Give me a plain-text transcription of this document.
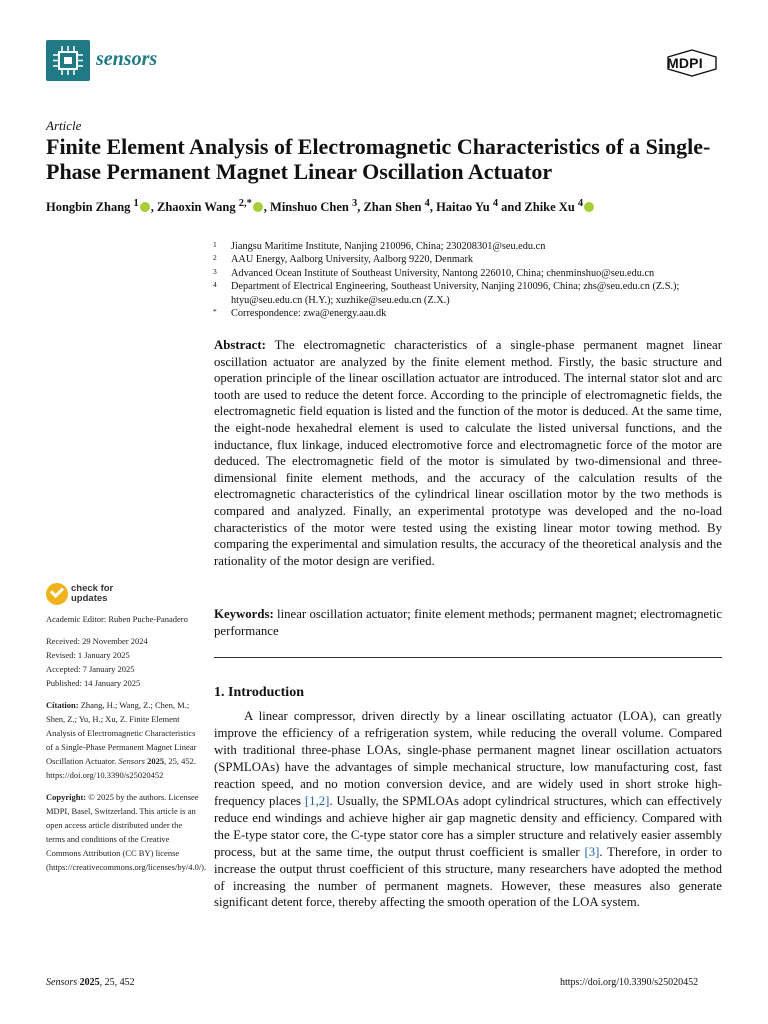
sensors	MDPI
Article
Finite Element Analysis of Electromagnetic Characteristics of a Single-Phase Permanent Magnet Linear Oscillation Actuator
Hongbin Zhang $^1$ , Zhaoxin Wang $^{2,*}$ , Minshuo Chen $^3$, Zhan Shen $^4$, Haitao Yu $^4$ and Zhike Xu $^4$
1 Jiangsu Maritime Institute, Nanjing 210096, China; 230208301@seu.edu.cn
2 AAU Energy, Aalborg University, Aalborg 9220, Denmark
3 Advanced Ocean Institute of Southeast University, Nantong 226010, China; chenminshuo@seu.edu.cn
4 Department of Electrical Engineering, Southeast University, Nanjing 210096, China; zhs@seu.edu.cn (Z.S.); htyu@seu.edu.cn (H.Y.); xuzhike@seu.edu.cn (Z.X.)
* Correspondence: zwa@energy.aau.dk
Abstract: The electromagnetic characteristics of a single-phase permanent magnet linear oscillation actuator are analyzed by the finite element method. Firstly, the basic structure and operation principle of the linear oscillation actuator are introduced. The internal stator slot and arc tooth are used to reduce the detent force. According to the principle of electromagnetic fields, the electromagnetic field equation is listed and the function of the motor is deduced. At the same time, the eight-node hexahedral element is used to calculate the listed universal functions, and the inductance, flux linkage, induced electromotive force and electromagnetic force of the motor are deduced. The electromagnetic field of the motor is simulated by two-dimensional and three-dimensional finite element methods, and the accuracy of the calculation results of the electromagnetic characteristics of the cylindrical linear oscillation motor by the two methods is compared and analyzed. Finally, an experimental prototype was developed and the no-load characteristics of the motor were tested using the existing linear motor towing method. By comparing the experimental and simulation results, the accuracy of the theoretical analysis and the rationality of the motor design are verified.
Keywords: linear oscillation actuator; finite element methods; permanent magnet; electromagnetic performance
1. Introduction
A linear compressor, driven directly by a linear oscillating actuator (LOA), can greatly improve the efficiency of a refrigeration system, while reducing the overall volume. Compared with traditional three-phase LOAs, single-phase permanent magnet linear oscillation actuators (SPMLOAs) have the advantages of simple mechanical structure, low manufacturing cost, fast reaction speed, and no motion conversion device, and are widely used in short stroke high-frequency places [1,2]. Usually, the SPMLOAs adopt cylindrical structures, which can effectively reduce end windings and achieve higher air gap magnetic density and efficiency. Compared with the E-type stator core, the C-type stator core has a simpler structure and relatively easier assembly process, but at the same time, the output thrust coefficient is smaller [3]. Therefore, in order to increase the output thrust coefficient of this structure, many researchers have adopted the method of increasing the number of permanent magnets. However, these measures also generate significant detent force, thereby affecting the smooth operation of the LOA system.
check for
updates
Academic Editor: Ruben Puche-Panadero
Received: 29 November 2024
Revised: 1 January 2025
Accepted: 7 January 2025
Published: 14 January 2025
Citation: Zhang, H.; Wang, Z.; Chen, M.; Shen, Z.; Yu, H.; Xu, Z. Finite Element Analysis of Electromagnetic Characteristics of a Single-Phase Permanent Magnet Linear Oscillation Actuator. Sensors 2025, 25, 452. https://doi.org/10.3390/s25020452
Copyright: © 2025 by the authors. Licensee MDPI, Basel, Switzerland. This article is an open access article distributed under the terms and conditions of the Creative Commons Attribution (CC BY) license (https://creativecommons.org/licenses/by/4.0/).
Sensors 2025, 25, 452	https://doi.org/10.3390/s25020452
